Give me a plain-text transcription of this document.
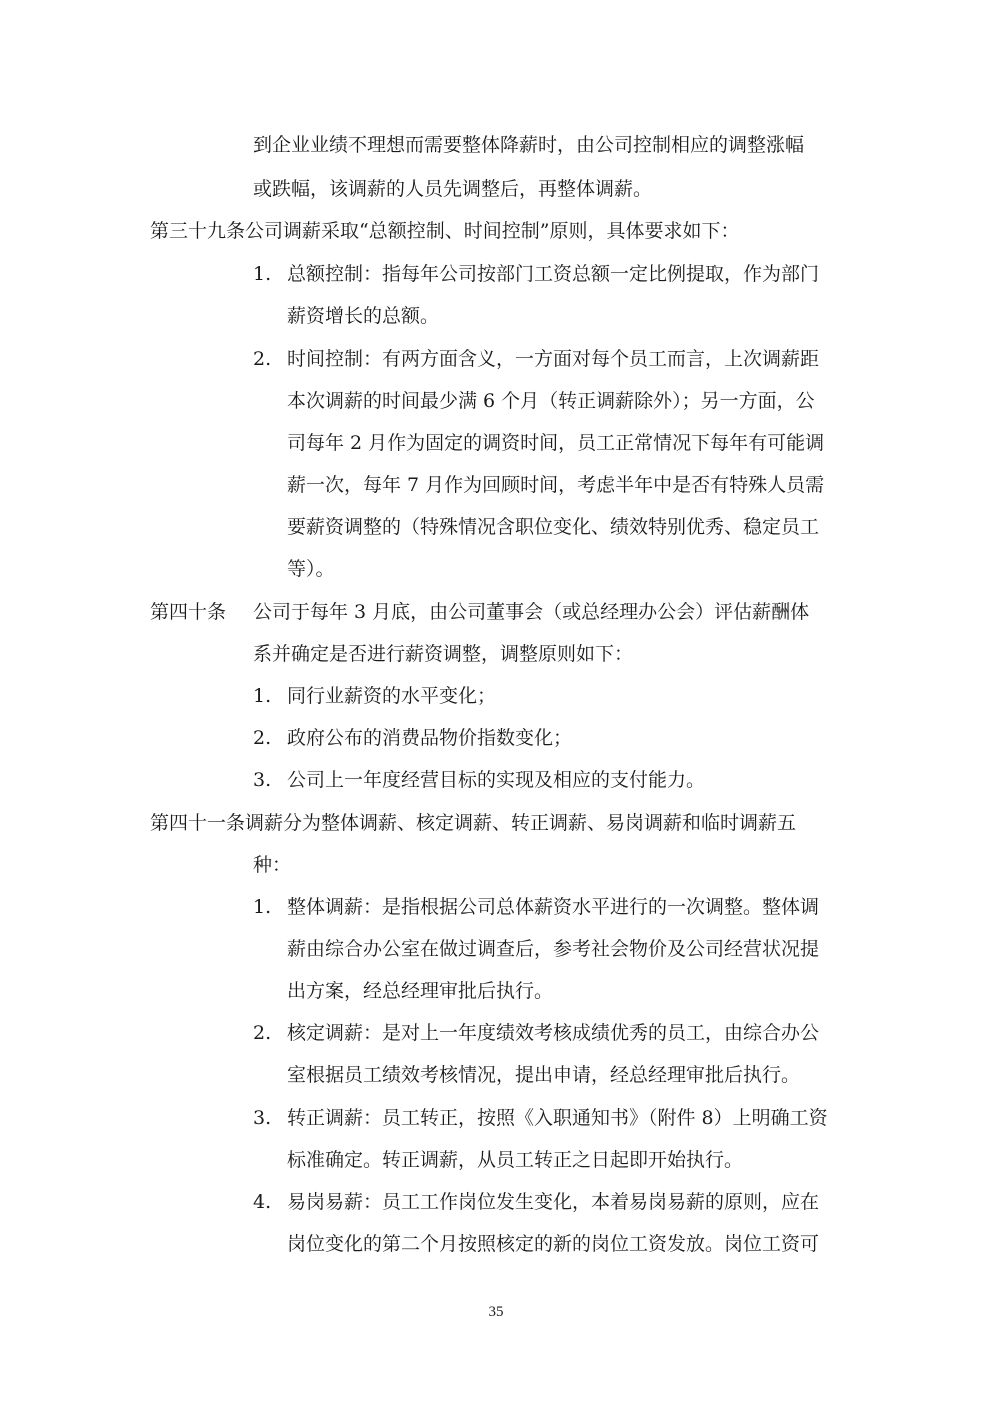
到企业业绩不理想而需要整体降薪时，由公司控制相应的调整涨幅
或跌幅，该调薪的人员先调整后，再整体调薪。
第三十九条公司调薪采取“总额控制、时间控制”原则，具体要求如下：
1. 总额控制：指每年公司按部门工资总额一定比例提取，作为部门
薪资增长的总额。
2. 时间控制：有两方面含义，一方面对每个员工而言，上次调薪距
本次调薪的时间最少满 6 个月（转正调薪除外）；另一方面，公
司每年 2 月作为固定的调资时间，员工正常情况下每年有可能调
薪一次，每年 7 月作为回顾时间，考虑半年中是否有特殊人员需
要薪资调整的（特殊情况含职位变化、绩效特别优秀、稳定员工
等）。
第四十条 公司于每年 3 月底，由公司董事会（或总经理办公会）评估薪酬体
系并确定是否进行薪资调整，调整原则如下：
1. 同行业薪资的水平变化；
2. 政府公布的消费品物价指数变化；
3. 公司上一年度经营目标的实现及相应的支付能力。
第四十一条调薪分为整体调薪、核定调薪、转正调薪、易岗调薪和临时调薪五
种：
1. 整体调薪：是指根据公司总体薪资水平进行的一次调整。整体调
薪由综合办公室在做过调查后，参考社会物价及公司经营状况提
出方案，经总经理审批后执行。
2. 核定调薪：是对上一年度绩效考核成绩优秀的员工，由综合办公
室根据员工绩效考核情况，提出申请，经总经理审批后执行。
3. 转正调薪：员工转正，按照《入职通知书》（附件 8）上明确工资
标准确定。转正调薪，从员工转正之日起即开始执行。
4. 易岗易薪：员工工作岗位发生变化，本着易岗易薪的原则，应在
岗位变化的第二个月按照核定的新的岗位工资发放。岗位工资可
35
